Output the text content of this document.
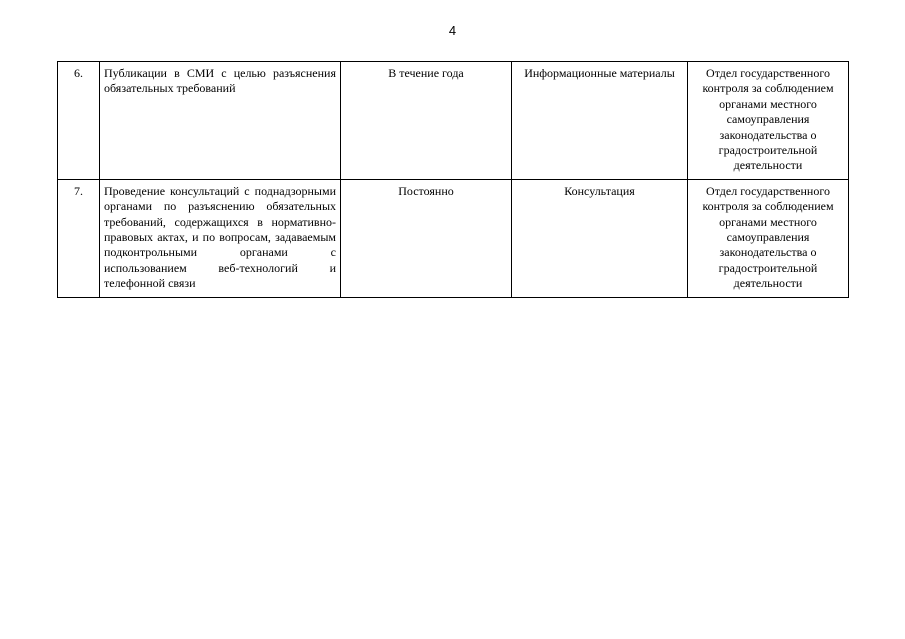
4
6.	Публикации в СМИ с целью разъяснения обязательных требований	В течение года	Информационные материалы	Отдел государственного контроля за соблюдением органами местного самоуправления законодательства о градостроительной деятельности
7.	Проведение консультаций с поднадзорными органами по разъяснению обязательных требований, содержащихся в нормативно-правовых актах, и по вопросам, задаваемым подконтрольными органами с использованием веб-технологий и телефонной связи	Постоянно	Консультация	Отдел государственного контроля за соблюдением органами местного самоуправления законодательства о градостроительной деятельности
